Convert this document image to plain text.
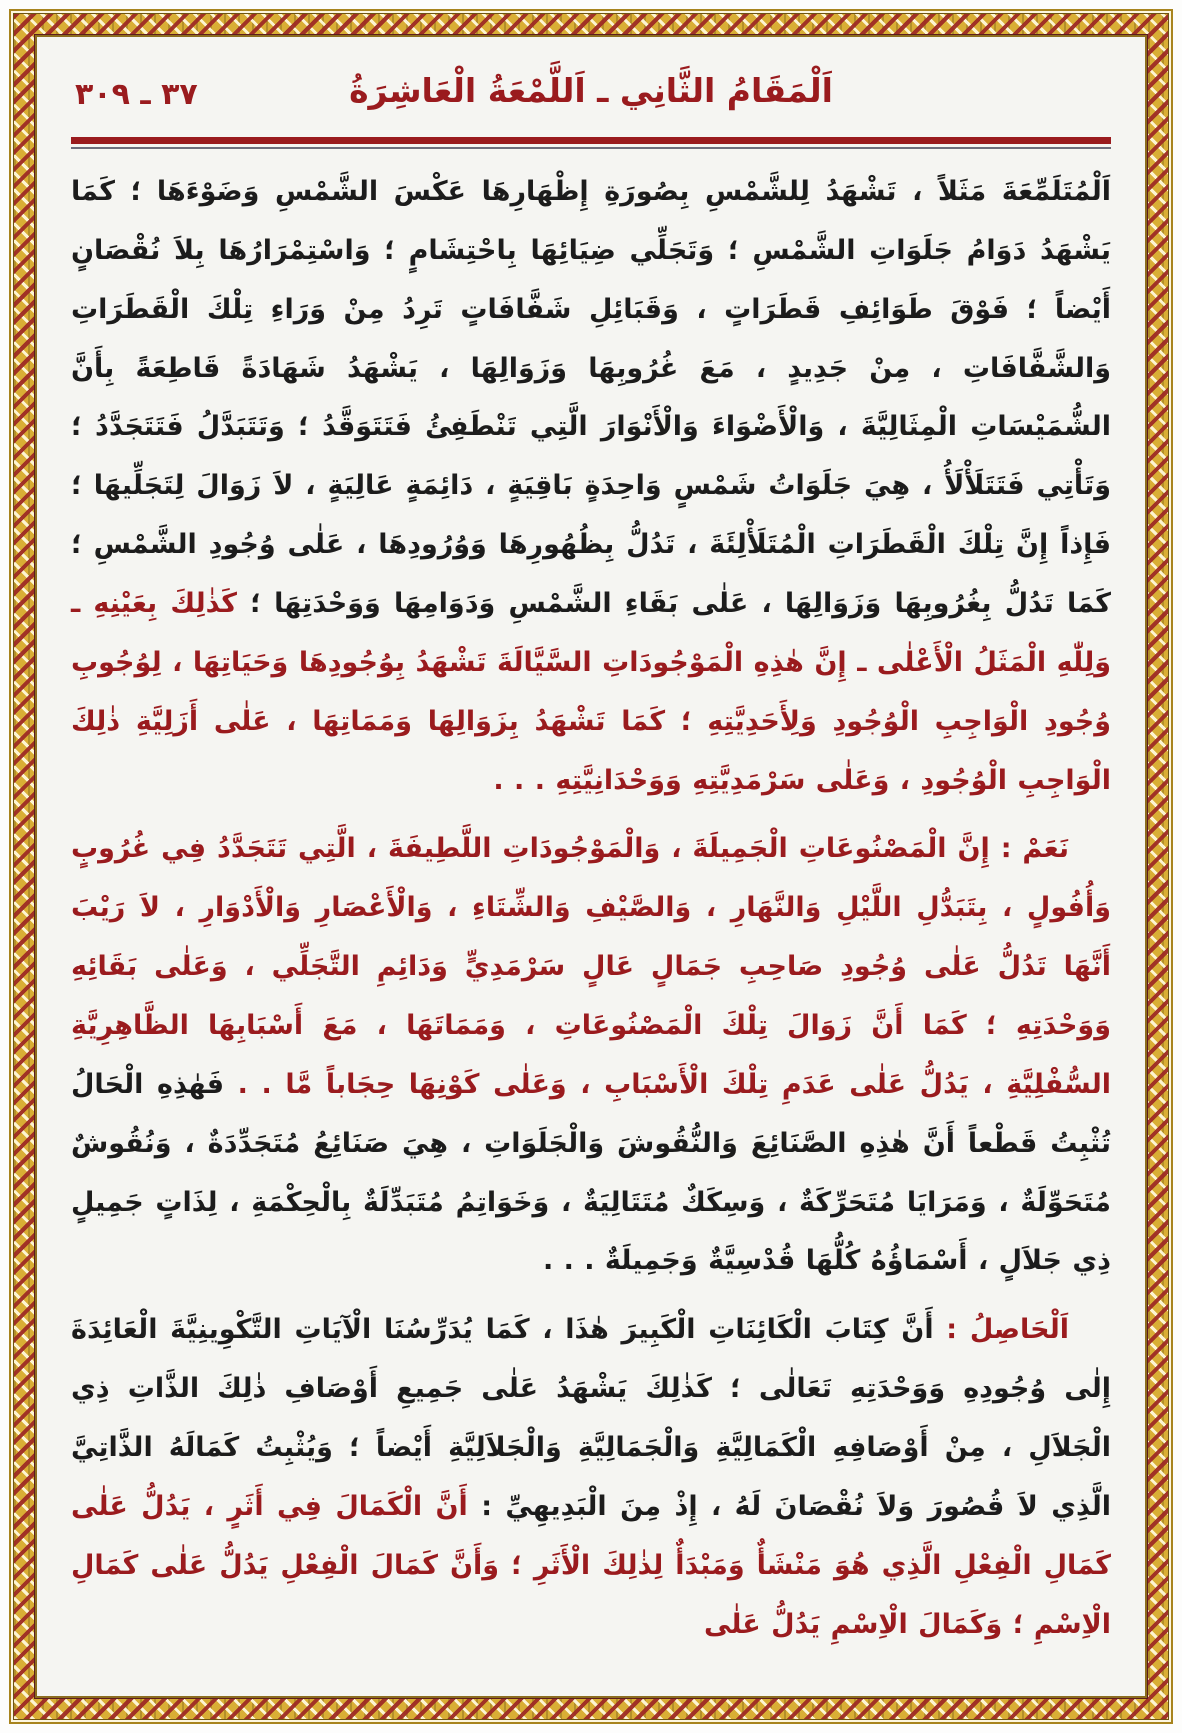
اَلْمَقَامُ الثَّانِي ـ اَللَّمْعَةُ الْعَاشِرَةُ
٣٧ ـ ٣٠٩

اَلْمُتَلَمِّعَةَ مَثَلاً ، تَشْهَدُ لِلشَّمْسِ بِصُورَةِ إِظْهَارِهَا عَكْسَ الشَّمْسِ وَضَوْءَهَا ؛ كَمَا يَشْهَدُ دَوَامُ جَلَوَاتِ الشَّمْسِ ؛ وَتَجَلِّي ضِيَائِهَا بِاحْتِشَامٍ ؛ وَاسْتِمْرَارُهَا بِلاَ نُقْصَانٍ أَيْضاً ؛ فَوْقَ طَوَائِفِ قَطَرَاتٍ ، وَقَبَائِلِ شَفَّافَاتٍ تَرِدُ مِنْ وَرَاءِ تِلْكَ الْقَطَرَاتِ وَالشَّفَّافَاتِ ، مِنْ جَدِيدٍ ، مَعَ غُرُوبِهَا وَزَوَالِهَا ، يَشْهَدُ شَهَادَةً قَاطِعَةً بِأَنَّ الشُّمَيْسَاتِ الْمِثَالِيَّةَ ، وَالْأَضْوَاءَ وَالْأَنْوَارَ الَّتِي تَنْطَفِئُ فَتَتَوَقَّدُ ؛ وَتَتَبَدَّلُ فَتَتَجَدَّدُ ؛ وَتَأْتِي فَتَتَلَأْلَأُ ، هِيَ جَلَوَاتُ شَمْسٍ وَاحِدَةٍ بَاقِيَةٍ ، دَائِمَةٍ عَالِيَةٍ ، لاَ زَوَالَ لِتَجَلِّيهَا ؛ فَإِذاً إِنَّ تِلْكَ الْقَطَرَاتِ الْمُتَلَأْلِئَةَ ، تَدُلُّ بِظُهُورِهَا وَوُرُودِهَا ، عَلٰى وُجُودِ الشَّمْسِ ؛ كَمَا تَدُلُّ بِغُرُوبِهَا وَزَوَالِهَا ، عَلٰى بَقَاءِ الشَّمْسِ وَدَوَامِهَا وَوَحْدَتِهَا ؛ كَذٰلِكَ بِعَيْنِهِ ـ وَلِلّٰهِ الْمَثَلُ الْأَعْلٰى ـ إِنَّ هٰذِهِ الْمَوْجُودَاتِ السَّيَّالَةَ تَشْهَدُ بِوُجُودِهَا وَحَيَاتِهَا ، لِوُجُوبِ وُجُودِ الْوَاجِبِ الْوُجُودِ وَلِأَحَدِيَّتِهِ ؛ كَمَا تَشْهَدُ بِزَوَالِهَا وَمَمَاتِهَا ، عَلٰى أَزَلِيَّةِ ذٰلِكَ الْوَاجِبِ الْوُجُودِ ، وَعَلٰى سَرْمَدِيَّتِهِ وَوَحْدَانِيَّتِهِ . . .

نَعَمْ : إِنَّ الْمَصْنُوعَاتِ الْجَمِيلَةَ ، وَالْمَوْجُودَاتِ اللَّطِيفَةَ ، الَّتِي تَتَجَدَّدُ فِي غُرُوبٍ وَأُفُولٍ ، بِتَبَدُّلِ اللَّيْلِ وَالنَّهَارِ ، وَالصَّيْفِ وَالشِّتَاءِ ، وَالْأَعْصَارِ وَالْأَدْوَارِ ، لاَ رَيْبَ أَنَّهَا تَدُلُّ عَلٰى وُجُودِ صَاحِبِ جَمَالٍ عَالٍ سَرْمَدِيٍّ وَدَائِمِ التَّجَلِّي ، وَعَلٰى بَقَائِهِ وَوَحْدَتِهِ ؛ كَمَا أَنَّ زَوَالَ تِلْكَ الْمَصْنُوعَاتِ ، وَمَمَاتَهَا ، مَعَ أَسْبَابِهَا الظَّاهِرِيَّةِ السُّفْلِيَّةِ ، يَدُلُّ عَلٰى عَدَمِ تِلْكَ الْأَسْبَابِ ، وَعَلٰى كَوْنِهَا حِجَاباً مَّا . . فَهٰذِهِ الْحَالُ تُثْبِتُ قَطْعاً أَنَّ هٰذِهِ الصَّنَائِعَ وَالنُّقُوشَ وَالْجَلَوَاتِ ، هِيَ صَنَائِعُ مُتَجَدِّدَةٌ ، وَنُقُوشٌ مُتَحَوِّلَةٌ ، وَمَرَايَا مُتَحَرِّكَةٌ ، وَسِكَكٌ مُتَتَالِيَةٌ ، وَخَوَاتِمُ مُتَبَدِّلَةٌ بِالْحِكْمَةِ ، لِذَاتٍ جَمِيلٍ ذِي جَلاَلٍ ، أَسْمَاؤُهُ كُلُّهَا قُدْسِيَّةٌ وَجَمِيلَةٌ . . .

اَلْحَاصِلُ : أَنَّ كِتَابَ الْكَائِنَاتِ الْكَبِيرَ هٰذَا ، كَمَا يُدَرِّسُنَا الْآيَاتِ التَّكْوِينِيَّةَ الْعَائِدَةَ إِلٰى وُجُودِهِ وَوَحْدَتِهِ تَعَالٰى ؛ كَذٰلِكَ يَشْهَدُ عَلٰى جَمِيعِ أَوْصَافِ ذٰلِكَ الذَّاتِ ذِي الْجَلاَلِ ، مِنْ أَوْصَافِهِ الْكَمَالِيَّةِ وَالْجَمَالِيَّةِ وَالْجَلاَلِيَّةِ أَيْضاً ؛ وَيُثْبِتُ كَمَالَهُ الذَّاتِيَّ الَّذِي لاَ قُصُورَ وَلاَ نُقْصَانَ لَهُ ، إِذْ مِنَ الْبَدِيهِيِّ : أَنَّ الْكَمَالَ فِي أَثَرٍ ، يَدُلُّ عَلٰى كَمَالِ الْفِعْلِ الَّذِي هُوَ مَنْشَأٌ وَمَبْدَأٌ لِذٰلِكَ الْأَثَرِ ؛ وَأَنَّ كَمَالَ الْفِعْلِ يَدُلُّ عَلٰى كَمَالِ الْاِسْمِ ؛ وَكَمَالَ الْاِسْمِ يَدُلُّ عَلٰى
